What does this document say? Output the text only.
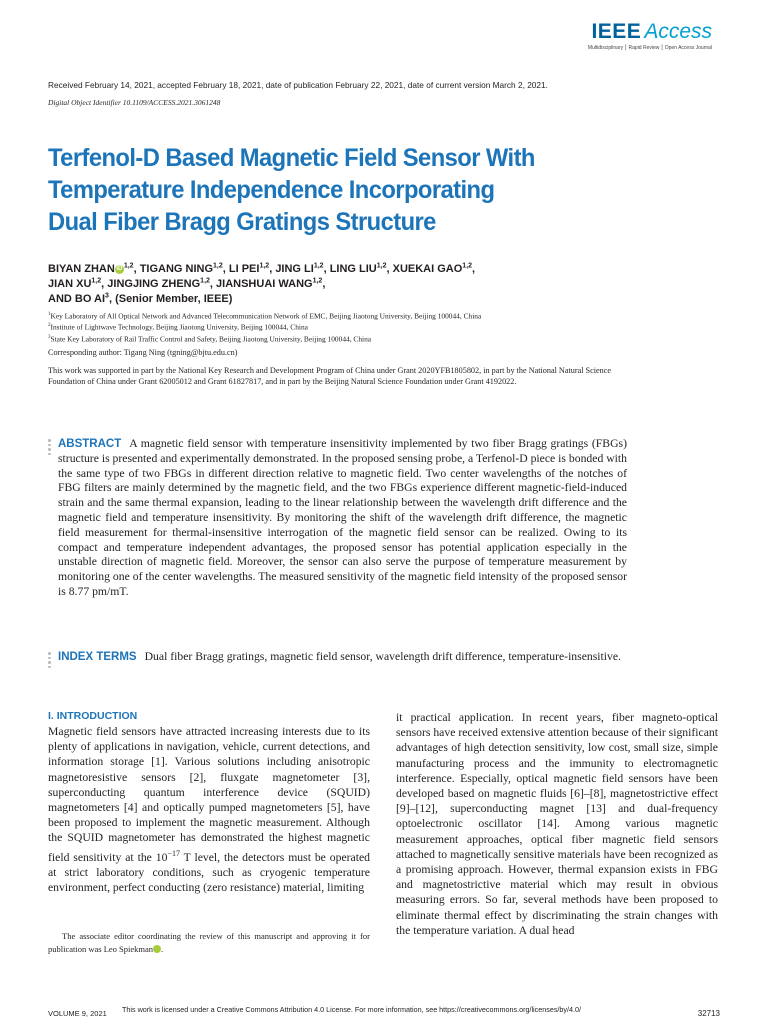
IEEE Access
Multidisciplinary ⎮ Rapid Review ⎮ Open Access Journal
Received February 14, 2021, accepted February 18, 2021, date of publication February 22, 2021, date of current version March 2, 2021.
Digital Object Identifier 10.1109/ACCESS.2021.3061248
Terfenol-D Based Magnetic Field Sensor With
Temperature Independence Incorporating
Dual Fiber Bragg Gratings Structure
BIYAN ZHAN iD $^{1,2}$, TIGANG NING$^{1,2}$, LI PEI$^{1,2}$, JING LI$^{1,2}$, LING LIU$^{1,2}$, XUEKAI GAO$^{1,2}$,
JIAN XU$^{1,2}$, JINGJING ZHENG$^{1,2}$, JIANSHUAI WANG$^{1,2}$,
AND BO $AI^3$, (Senior Member, IEEE)

$^1$Key Laboratory of All Optical Network and Advanced Telecommunication Network of EMC, Beijing Jiaotong University, Beijing 100044, China

$^2$Institute of Lightwave Technology, Beijing Jiaotong University, Beijing 100044, China

$^3$State Key Laboratory of Rail Traffic Control and Safety, Beijing Jiaotong University, Beijing 100044, China

Corresponding author: Tigang Ning (tgning@bjtu.edu.cn)
This work was supported in part by the National Key Research and Development Program of China under Grant 2020YFB1805802, in part by the National Natural Science Foundation of China under Grant 62005012 and Grant 61827817, and in part by the Beijing Natural Science Foundation under Grant 4192022.
ABSTRACT A magnetic field sensor with temperature insensitivity implemented by two fiber Bragg gratings (FBGs) structure is presented and experimentally demonstrated. In the proposed sensing probe, a Terfenol-D piece is bonded with the same type of two FBGs in different direction relative to magnetic field. Two center wavelengths of the notches of FBG filters are mainly determined by the magnetic field, and the two FBGs experience different magnetic-field-induced strain and the same thermal expansion, leading to the linear relationship between the wavelength drift difference and the magnetic field and temperature insensitivity. By monitoring the shift of the wavelength drift difference, the magnetic field measurement for thermal-insensitive interrogation of the magnetic field sensor can be realized. Owing to its compact and temperature independent advantages, the proposed sensor has potential application especially in the unstable direction of magnetic field. Moreover, the sensor can also serve the purpose of temperature measurement by monitoring one of the center wavelengths. The measured sensitivity of the magnetic field intensity of the proposed sensor is 8.77 pm/mT.
INDEX TERMS Dual fiber Bragg gratings, magnetic field sensor, wavelength drift difference, temperature-insensitive.
I. INTRODUCTION

Magnetic field sensors have attracted increasing interests due to its plenty of applications in navigation, vehicle, current detections, and information storage [1]. Various solutions including anisotropic magnetoresistive sensors [2], fluxgate magnetometer [3], superconducting quantum interference device (SQUID) magnetometers [4] and optically pumped magnetometers [5], have been proposed to implement the magnetic measurement. Although the SQUID magnetometer has demonstrated the highest magnetic field sensitivity at the $10^{-17}$ T level, the detectors must be operated at strict laboratory conditions, such as cryogenic temperature environment, perfect conducting (zero resistance) material, limiting

it practical application. In recent years, fiber magneto-optical sensors have received extensive attention because of their significant advantages of high detection sensitivity, low cost, small size, simple manufacturing process and the immunity to electromagnetic interference. Especially, optical magnetic field sensors have been developed based on magnetic fluids [6]–[8], magnetostrictive effect [9]–[12], superconducting magnet [13] and dual-frequency optoelectronic oscillator [14]. Among various magnetic measurement approaches, optical fiber magnetic field sensors attached to magnetically sensitive materials have been recognized as a promising approach. However, thermal expansion exists in FBG and magnetostrictive material which may result in obvious measuring errors. So far, several methods have been proposed to eliminate thermal effect by discriminating the strain changes with the temperature variation. A dual head

The associate editor coordinating the review of this manuscript and approving it for publication was Leo Spiekman	iD.

VOLUME 9, 2021 This work is licensed under a Creative Commons Attribution 4.0 License. For more information, see https://creativecommons.org/licenses/by/4.0/	32713
